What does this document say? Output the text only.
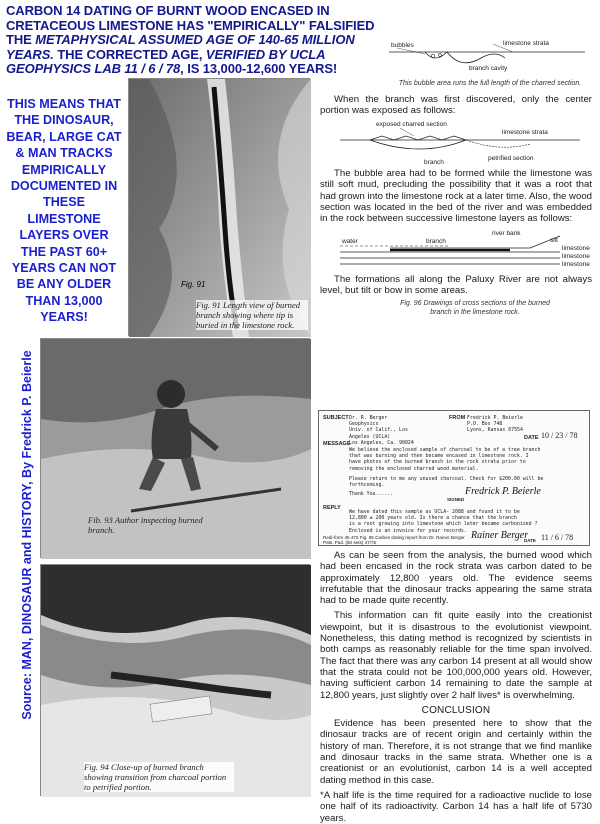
CARBON 14 DATING OF BURNT WOOD ENCASED IN CRETACEOUS LIMESTONE HAS "EMPIRICALLY" FALSIFIED THE METAPHYSICAL ASSUMED AGE OF 140-65 MILLION YEARS. THE CORRECTED AGE, VERIFIED BY UCLA GEOPHYSICS LAB 11 / 6 / 78, IS 13,000-12,600 YEARS!
THIS MEANS THAT THE DINOSAUR, BEAR, LARGE CAT & MAN TRACKS EMPIRICALLY DOCUMENTED IN THESE LIMESTONE LAYERS OVER THE PAST 60+ YEARS CAN NOT BE ANY OLDER THAN 13,000 YEARS!
Source: MAN, DINOSAUR and HISTORY, By Fredrick P. Beierle
Fig. 91
Fig. 91 Length view of burned branch showing where tip is buried in the limestone rock.
Fib. 93 Author inspecting burned branch.
Fig. 94 Close-up of burned branch showing transition from charcoal portion to petrified portion.
bubbles	limestone strata
branch cavity
This bubble area runs the full length of the charred section.
When the branch was first discovered, only the center portion was exposed as follows:
exposed charred section
limestone strata
branch
petrified section
The bubble area had to be formed while the limestone was still soft mud, precluding the possibility that it was a root that had grown into the limestone rock at a later time. Also, the wood section was located in the bed of the river and was embedded in the rock between successive limestone layers as follows:
river bank
silt
water	branch
limestone
limestone
limestone
The formations all along the Paluxy River are not always level, but tilt or bow in some areas.
Fig. 96 Drawings of cross sections of the burned branch in the limestone rock.
SUBJECT Dr. R. Berger
Geophysics
Univ. of Calif., Los Angeles (UCLA)
Los Angeles, Ca. 90024
FROM Fredrick P. Beierle
P.O. Box 748
Lyons, Kansas 67554
DATE 10 / 23 / 78
MESSAGE
We believe the enclosed sample of charcoal to be of a tree branch
that was burning and then became encased in limestone rock. I
have photos of the burned branch in the rock strata prior to
removing the enclosed charred wood material.
Please return to me any unused charcoal. Check for $200.00 will be
forthcoming.
Thank You......
SIGNED
Fredrick P. Beierle
REPLY
We have dated this sample as UCLA- 2088 and found it to be
12,800 ± 200 years old. Is there a chance that the branch
is a root growing into limestone which later became carbonized ?
Enclosed is an invoice for your records.
Redi-form 45 472 Fig. 95 Carbon dating report from Dr. Rainer Berger
Pats. Pad. (50 sets) 47/75
Rainer Berger
DATE 11 / 6 / 78

As can be seen from the analysis, the burned wood which had been encased in the rock strata was carbon dated to be approximately 12,800 years old. The evidence seems irrefutable that the dinosaur tracks appearing the same strata had to be made quite recently.

This information can fit quite easily into the creationist viewpoint, but it is disastrous to the evolutionist viewpoint. Nonetheless, this dating method is recognized by scientists in both camps as reasonably reliable for the time span involved. The fact that there was any carbon 14 present at all would show that the strata could not be 100,000,000 years old. However, having sufficient carbon 14 remaining to date the sample at 12,800 years, just slightly over 2 half lives* is overwhelming.

CONCLUSION

Evidence has been presented here to show that the dinosaur tracks are of recent origin and certainly within the history of man. Therefore, it is not strange that we find manlike and dinosaur tracks in the same strata. Whether one is a creationist or an evolutionist, carbon 14 is a well accepted dating method in this case.

*A half life is the time required for a radioactive nuclide to lose one half of its radioactivity. Carbon 14 has a half life of 5730 years.
